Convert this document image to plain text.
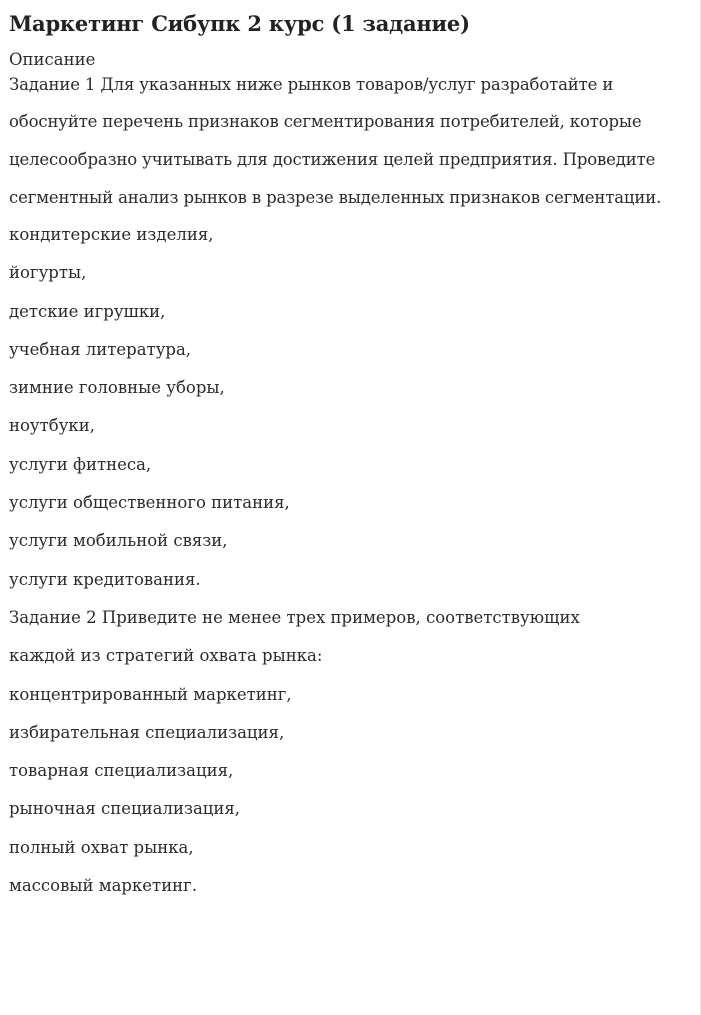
Маркетинг Сибупк 2 курс (1 задание)
Описание

Задание 1 Для указанных ниже рынков товаров/услуг разработайте и

обоснуйте перечень признаков сегментирования потребителей, которые

целесообразно учитывать для достижения целей предприятия. Проведите

сегментный анализ рынков в разрезе выделенных признаков сегментации.

кондитерские изделия,
йогурты,
детские игрушки,
учебная литература,
зимние головные уборы,
ноутбуки,
услуги фитнеса,
услуги общественного питания,
услуги мобильной связи,
услуги кредитования.
Задание 2 Приведите не менее трех примеров, соответствующих
каждой из стратегий охвата рынка:
концентрированный маркетинг,
избирательная специализация,
товарная специализация,
рыночная специализация,
полный охват рынка,
массовый маркетинг.
